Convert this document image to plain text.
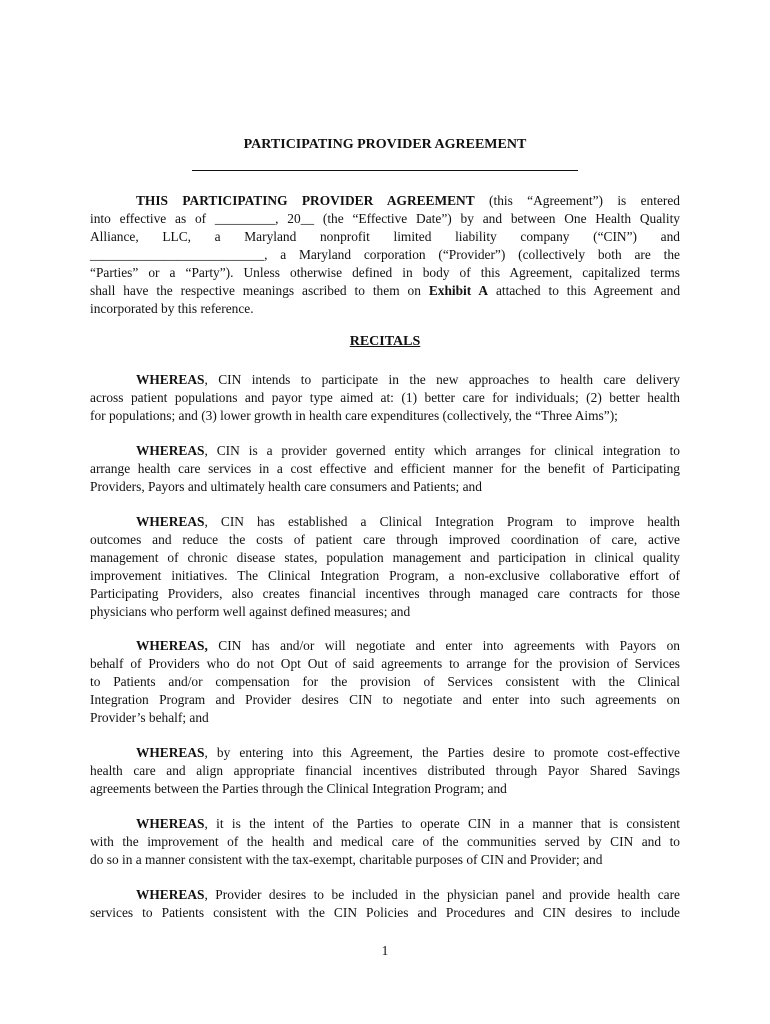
PARTICIPATING PROVIDER AGREEMENT
THIS PARTICIPATING PROVIDER AGREEMENT (this “Agreement”) is entered
into effective as of _________, 20__ (the “Effective Date”) by and between One Health Quality
Alliance, LLC, a Maryland nonprofit limited liability company (“CIN”) and
__________________________, a Maryland corporation (“Provider”) (collectively both are the
“Parties” or a “Party”). Unless otherwise defined in body of this Agreement, capitalized terms
shall have the respective meanings ascribed to them on Exhibit A attached to this Agreement and
incorporated by this reference.
RECITALS
WHEREAS, CIN intends to participate in the new approaches to health care delivery
across patient populations and payor type aimed at: (1) better care for individuals; (2) better health
for populations; and (3) lower growth in health care expenditures (collectively, the “Three Aims”);
WHEREAS, CIN is a provider governed entity which arranges for clinical integration to
arrange health care services in a cost effective and efficient manner for the benefit of Participating
Providers, Payors and ultimately health care consumers and Patients; and
WHEREAS, CIN has established a Clinical Integration Program to improve health
outcomes and reduce the costs of patient care through improved coordination of care, active
management of chronic disease states, population management and participation in clinical quality
improvement initiatives. The Clinical Integration Program, a non-exclusive collaborative effort of
Participating Providers, also creates financial incentives through managed care contracts for those
physicians who perform well against defined measures; and
WHEREAS, CIN has and/or will negotiate and enter into agreements with Payors on
behalf of Providers who do not Opt Out of said agreements to arrange for the provision of Services
to Patients and/or compensation for the provision of Services consistent with the Clinical
Integration Program and Provider desires CIN to negotiate and enter into such agreements on
Provider’s behalf; and
WHEREAS, by entering into this Agreement, the Parties desire to promote cost-effective
health care and align appropriate financial incentives distributed through Payor Shared Savings
agreements between the Parties through the Clinical Integration Program; and
WHEREAS, it is the intent of the Parties to operate CIN in a manner that is consistent
with the improvement of the health and medical care of the communities served by CIN and to
do so in a manner consistent with the tax-exempt, charitable purposes of CIN and Provider; and
WHEREAS, Provider desires to be included in the physician panel and provide health care
services to Patients consistent with the CIN Policies and Procedures and CIN desires to include
1
